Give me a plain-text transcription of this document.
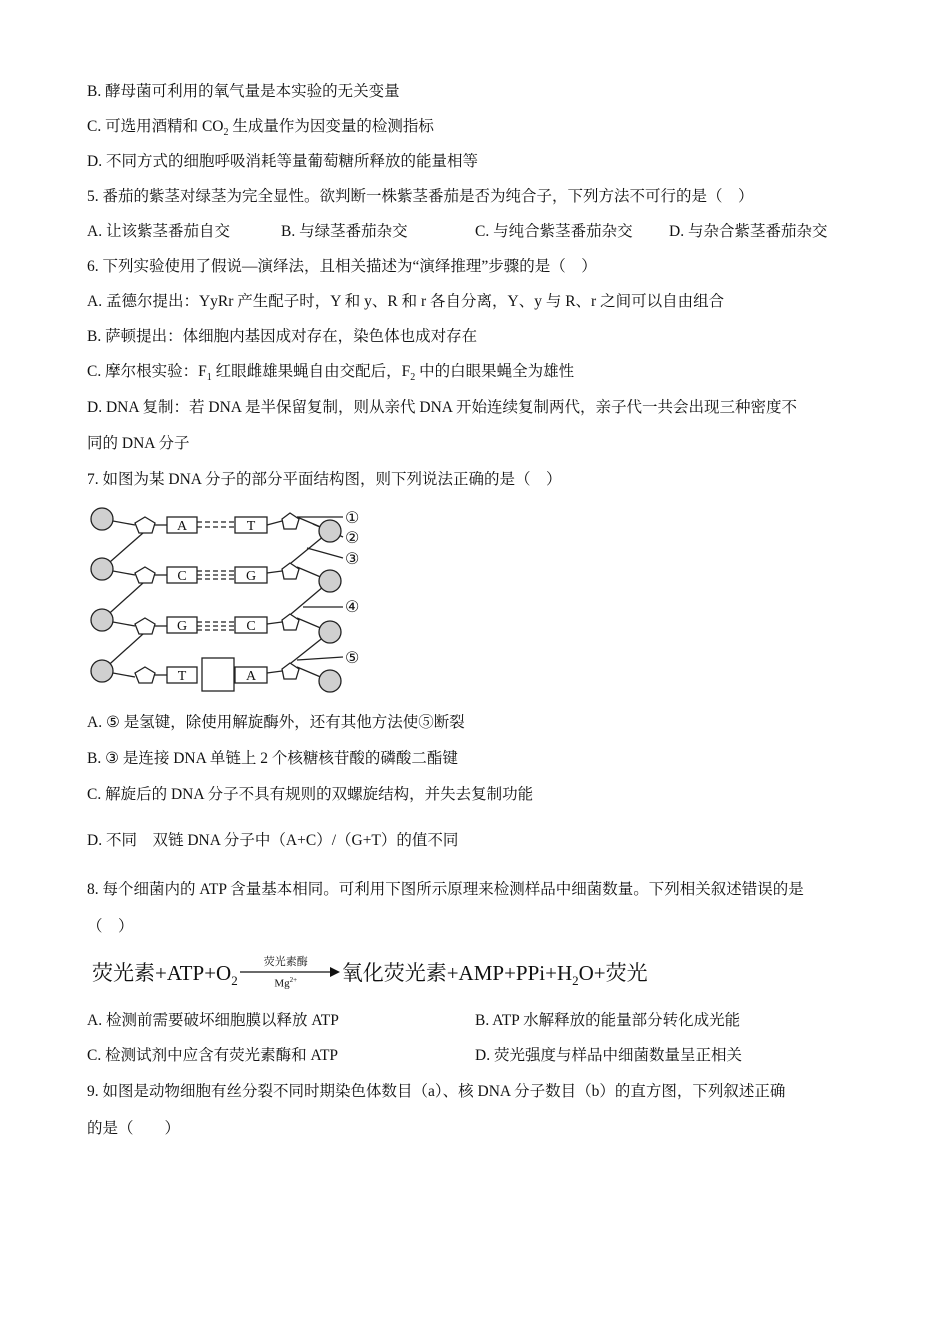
B. 酵母菌可利用的氧气量是本实验的无关变量
C. 可选用酒精和 $CO_2$ 生成量作为因变量的检测指标
D. 不同方式的细胞呼吸消耗等量葡萄糖所释放的能量相等
5. 番茄的紫茎对绿茎为完全显性。欲判断一株紫茎番茄是否为纯合子，下列方法不可行的是（　）
A. 让该紫茎番茄自交	B. 与绿茎番茄杂交	C. 与纯合紫茎番茄杂交 D. 与杂合紫茎番茄杂交
6. 下列实验使用了假说—演绎法，且相关描述为“演绎推理”步骤的是（　）
A. 孟德尔提出：YyRr 产生配子时，Y 和 y、R 和 r 各自分离，Y、y 与 R、r 之间可以自由组合
B. 萨顿提出：体细胞内基因成对存在，染色体也成对存在
C. 摩尔根实验：$F_1$ 红眼雌雄果蝇自由交配后，$F_2$ 中的白眼果蝇全为雄性
D. DNA 复制：若 DNA 是半保留复制，则从亲代 DNA 开始连续复制两代，亲子代一共会出现三种密度不
同的 DNA 分子
7. 如图为某 DNA 分子的部分平面结构图，则下列说法正确的是（　）
A	T
C	G
G	C
T	A
①
②
③
④
⑤
A. ⑤ 是氢键，除使用解旋酶外，还有其他方法使⑤断裂
B. ③ 是连接 DNA 单链上 2 个核糖核苷酸的磷酸二酯键
C. 解旋后的 DNA 分子不具有规则的双螺旋结构，并失去复制功能
D. 不同　双链 DNA 分子中（A+C）/（G+T）的值不同
8. 每个细菌内的 ATP 含量基本相同。可利用下图所示原理来检测样品中细菌数量。下列相关叙述错误的是
（　）
荧光素$+ATP+O_2$
荧光素酶
$Mg^{2+}$	氧化荧光素$+AMP+PPi+H_2O+$荧光
A. 检测前需要破坏细胞膜以释放 ATP	B. ATP 水解释放的能量部分转化成光能
C. 检测试剂中应含有荧光素酶和 ATP	D. 荧光强度与样品中细菌数量呈正相关
9. 如图是动物细胞有丝分裂不同时期染色体数目（a）、核 DNA 分子数目（b）的直方图，下列叙述正确
的是（　　）
